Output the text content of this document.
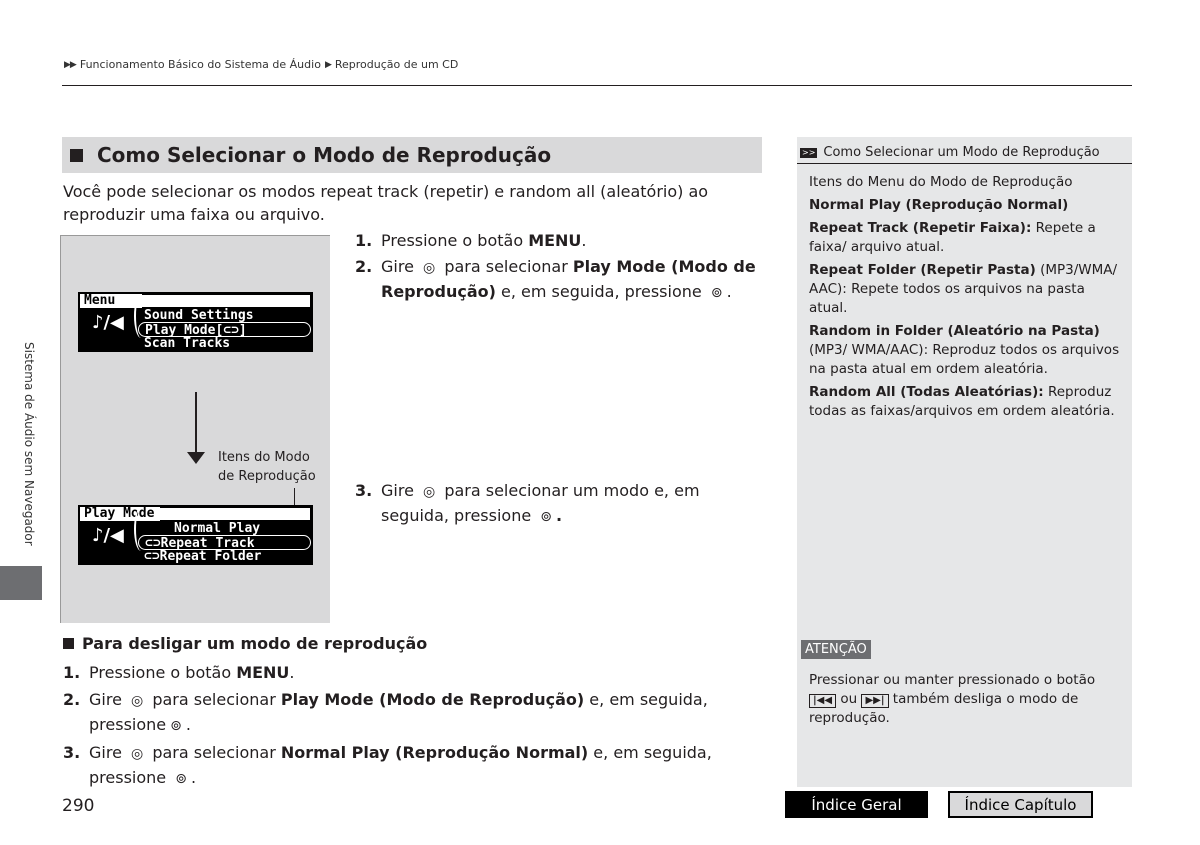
▶▶ Funcionamento Básico do Sistema de Áudio ▶ Reprodução de um CD
Sistema de Áudio sem Navegador
Como Selecionar o Modo de Reprodução
Você pode selecionar os modos repeat track (repetir) e random all (aleatório) ao reproduzir uma faixa ou arquivo.
Menu
♪/◀ Sound Settings
Play Mode[⊂⊃]
Scan Tracks
Itens do Modo
de Reprodução
Play Mode
♪/◀	Normal Play
⊂⊃Repeat Track
⊂⊃Repeat Folder
1. Pressione o botão MENU.
2. Gire ◎ para selecionar Play Mode (Modo de Reprodução) e, em seguida, pressione ⊚ .
3. Gire ◎ para selecionar um modo e, em seguida, pressione ⊚ .
Para desligar um modo de reprodução
1. Pressione o botão MENU.
2. Gire ◎ para selecionar Play Mode (Modo de Reprodução) e, em seguida, pressione ⊚ .
3. Gire ◎ para selecionar Normal Play (Reprodução Normal) e, em seguida, pressione ⊚ .
>> Como Selecionar um Modo de Reprodução

Itens do Menu do Modo de Reprodução

Normal Play (Reprodução Normal)

Repeat Track (Repetir Faixa): Repete a faixa/ arquivo atual.

Repeat Folder (Repetir Pasta) (MP3/WMA/ AAC): Repete todos os arquivos na pasta atual.

Random in Folder (Aleatório na Pasta) (MP3/ WMA/AAC): Reproduz todos os arquivos na pasta atual em ordem aleatória.

Random All (Todas Aleatórias): Reproduz todas as faixas/arquivos em ordem aleatória.

ATENÇÃO
Pressionar ou manter pressionado o botão |◀◀ ou ▶▶| também desliga o modo de reprodução.
290	Índice Geral	Índice Capítulo
